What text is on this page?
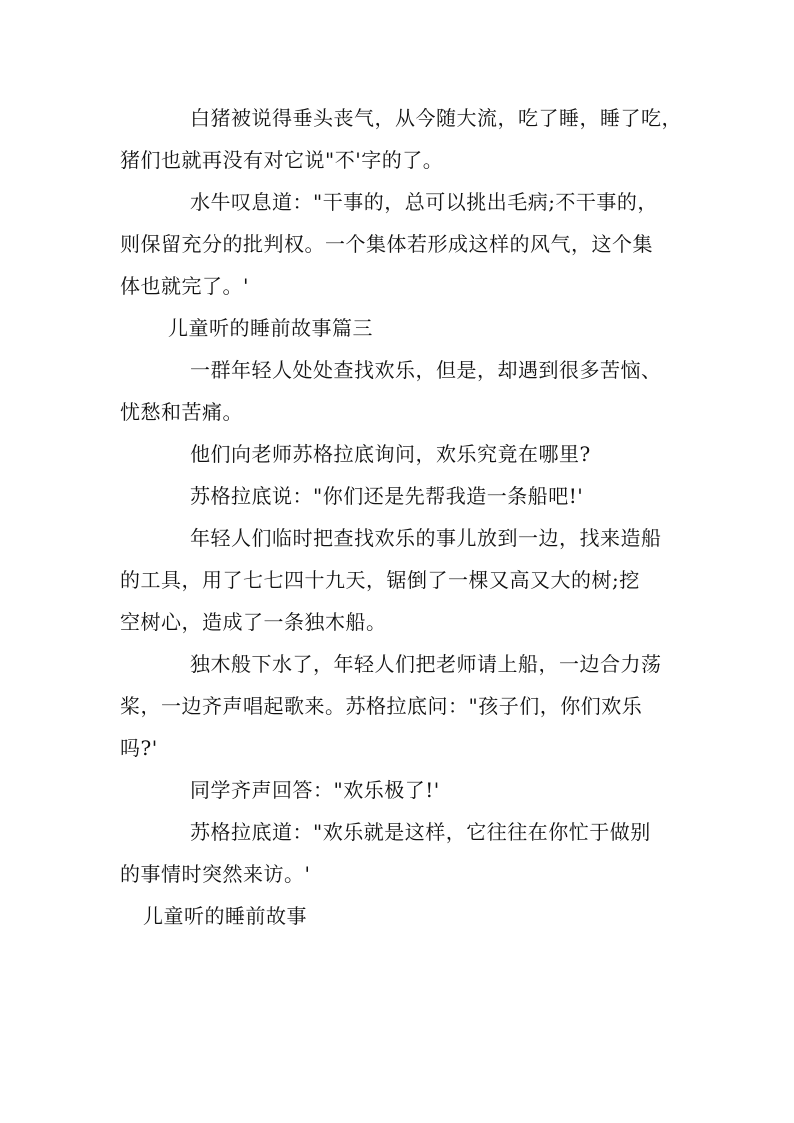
白猪被说得垂头丧气，从今随大流，吃了睡，睡了吃，
猪们也就再没有对它说"不'字的了。
水牛叹息道："干事的，总可以挑出毛病;不干事的，
则保留充分的批判权。一个集体若形成这样的风气，这个集
体也就完了。'
儿童听的睡前故事篇三
一群年轻人处处查找欢乐，但是，却遇到很多苦恼、
忧愁和苦痛。
他们向老师苏格拉底询问，欢乐究竟在哪里?
苏格拉底说："你们还是先帮我造一条船吧!'
年轻人们临时把查找欢乐的事儿放到一边，找来造船
的工具，用了七七四十九天，锯倒了一棵又高又大的树;挖
空树心，造成了一条独木船。
独木般下水了，年轻人们把老师请上船，一边合力荡
桨，一边齐声唱起歌来。苏格拉底问："孩子们，你们欢乐
吗?'
同学齐声回答："欢乐极了!'
苏格拉底道："欢乐就是这样，它往往在你忙于做别
的事情时突然来访。'
儿童听的睡前故事
